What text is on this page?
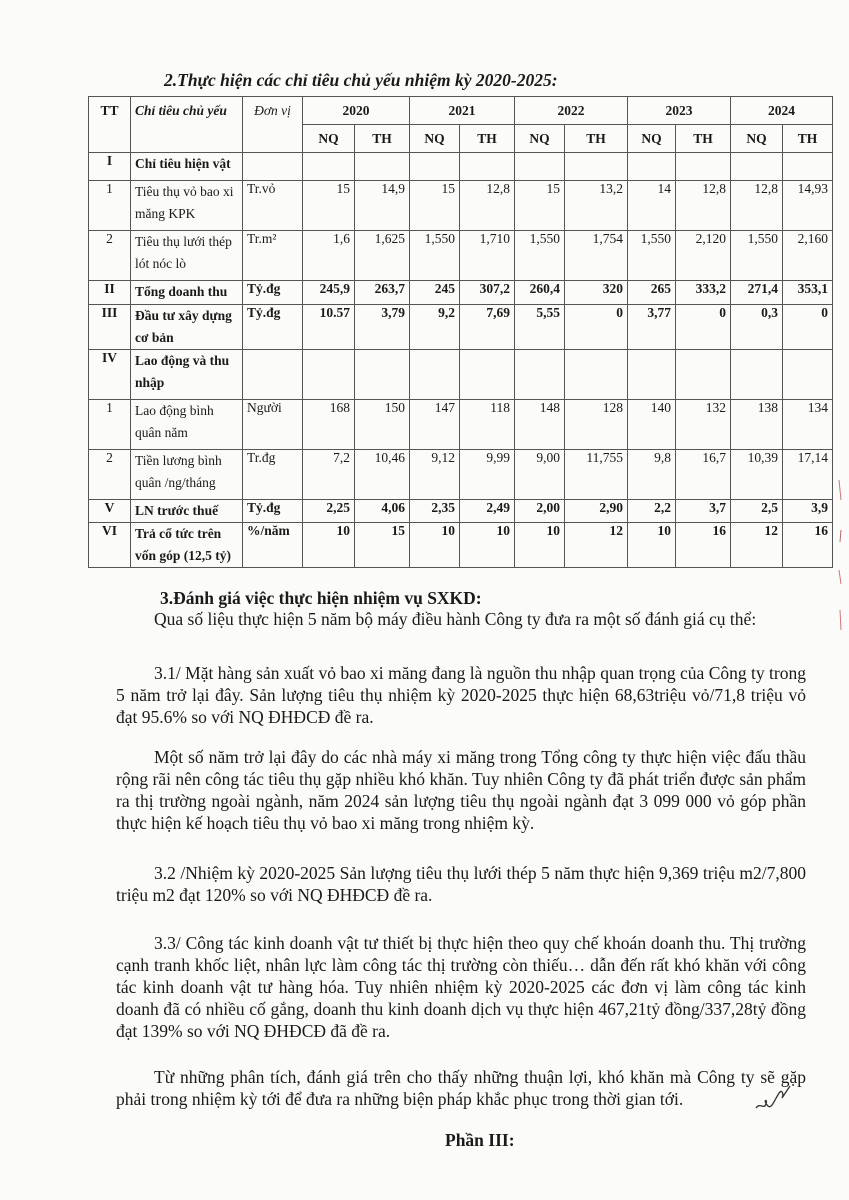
2.Thực hiện các chỉ tiêu chủ yếu nhiệm kỳ 2020-2025:
TT	Chỉ tiêu chủ yếu	Đơn vị	2020		2021		2022		2023		2024	
			NQ	TH	NQ	TH	NQ	TH	NQ	TH	NQ	TH
I	Chỉ tiêu hiện vật											
1	Tiêu thụ vỏ bao xi măng KPK	Tr.vỏ	15	14,9	15	12,8	15	13,2	14	12,8	12,8	14,93
2	Tiêu thụ lưới thép lót nóc lò	Tr.m²	1,6	1,625	1,550	1,710	1,550	1,754	1,550	2,120	1,550	2,160
II	Tổng doanh thu	Tỷ.đg	245,9	263,7	245	307,2	260,4	320	265	333,2	271,4	353,1
III	Đầu tư xây dựng cơ bản	Tỷ.đg	10.57	3,79	9,2	7,69	5,55	0	3,77	0	0,3	0
IV	Lao động và thu nhập											
1	Lao động bình quân năm	Người	168	150	147	118	148	128	140	132	138	134
2	Tiền lương bình quân /ng/tháng	Tr.đg	7,2	10,46	9,12	9,99	9,00	11,755	9,8	16,7	10,39	17,14
V	LN trước thuế	Tỷ.đg	2,25	4,06	2,35	2,49	2,00	2,90	2,2	3,7	2,5	3,9
VI	Trả cổ tức trên vốn góp (12,5 tỷ)	%/năm	10	15	10	10	10	12	10	16	12	16
3.Đánh giá việc thực hiện nhiệm vụ SXKD:

Qua số liệu thực hiện 5 năm bộ máy điều hành Công ty đưa ra một số đánh giá cụ thể:

3.1/ Mặt hàng sản xuất vỏ bao xi măng đang là nguồn thu nhập quan trọng của Công ty trong 5 năm trở lại đây. Sản lượng tiêu thụ nhiệm kỳ 2020-2025 thực hiện 68,63triệu vỏ/71,8 triệu vỏ đạt 95.6% so với NQ ĐHĐCĐ đề ra.

Một số năm trở lại đây do các nhà máy xi măng trong Tổng công ty thực hiện việc đấu thầu rộng rãi nên công tác tiêu thụ gặp nhiều khó khăn. Tuy nhiên Công ty đã phát triển được sản phẩm ra thị trường ngoài ngành, năm 2024 sản lượng tiêu thụ ngoài ngành đạt 3 099 000 vỏ góp phần thực hiện kế hoạch tiêu thụ vỏ bao xi măng trong nhiệm kỳ.

3.2 /Nhiệm kỳ 2020-2025 Sản lượng tiêu thụ lưới thép 5 năm thực hiện 9,369 triệu m2/7,800 triệu m2 đạt 120% so với NQ ĐHĐCĐ đề ra.

3.3/ Công tác kinh doanh vật tư thiết bị thực hiện theo quy chế khoán doanh thu. Thị trường cạnh tranh khốc liệt, nhân lực làm công tác thị trường còn thiếu… dẫn đến rất khó khăn với công tác kinh doanh vật tư hàng hóa. Tuy nhiên nhiệm kỳ 2020-2025 các đơn vị làm công tác kinh doanh đã có nhiều cố gắng, doanh thu kinh doanh dịch vụ thực hiện 467,21tỷ đồng/337,28tỷ đồng đạt 139% so với NQ ĐHĐCĐ đã đề ra.

Từ những phân tích, đánh giá trên cho thấy những thuận lợi, khó khăn mà Công ty sẽ gặp phải trong nhiệm kỳ tới để đưa ra những biện pháp khắc phục trong thời gian tới.

Phần III:
